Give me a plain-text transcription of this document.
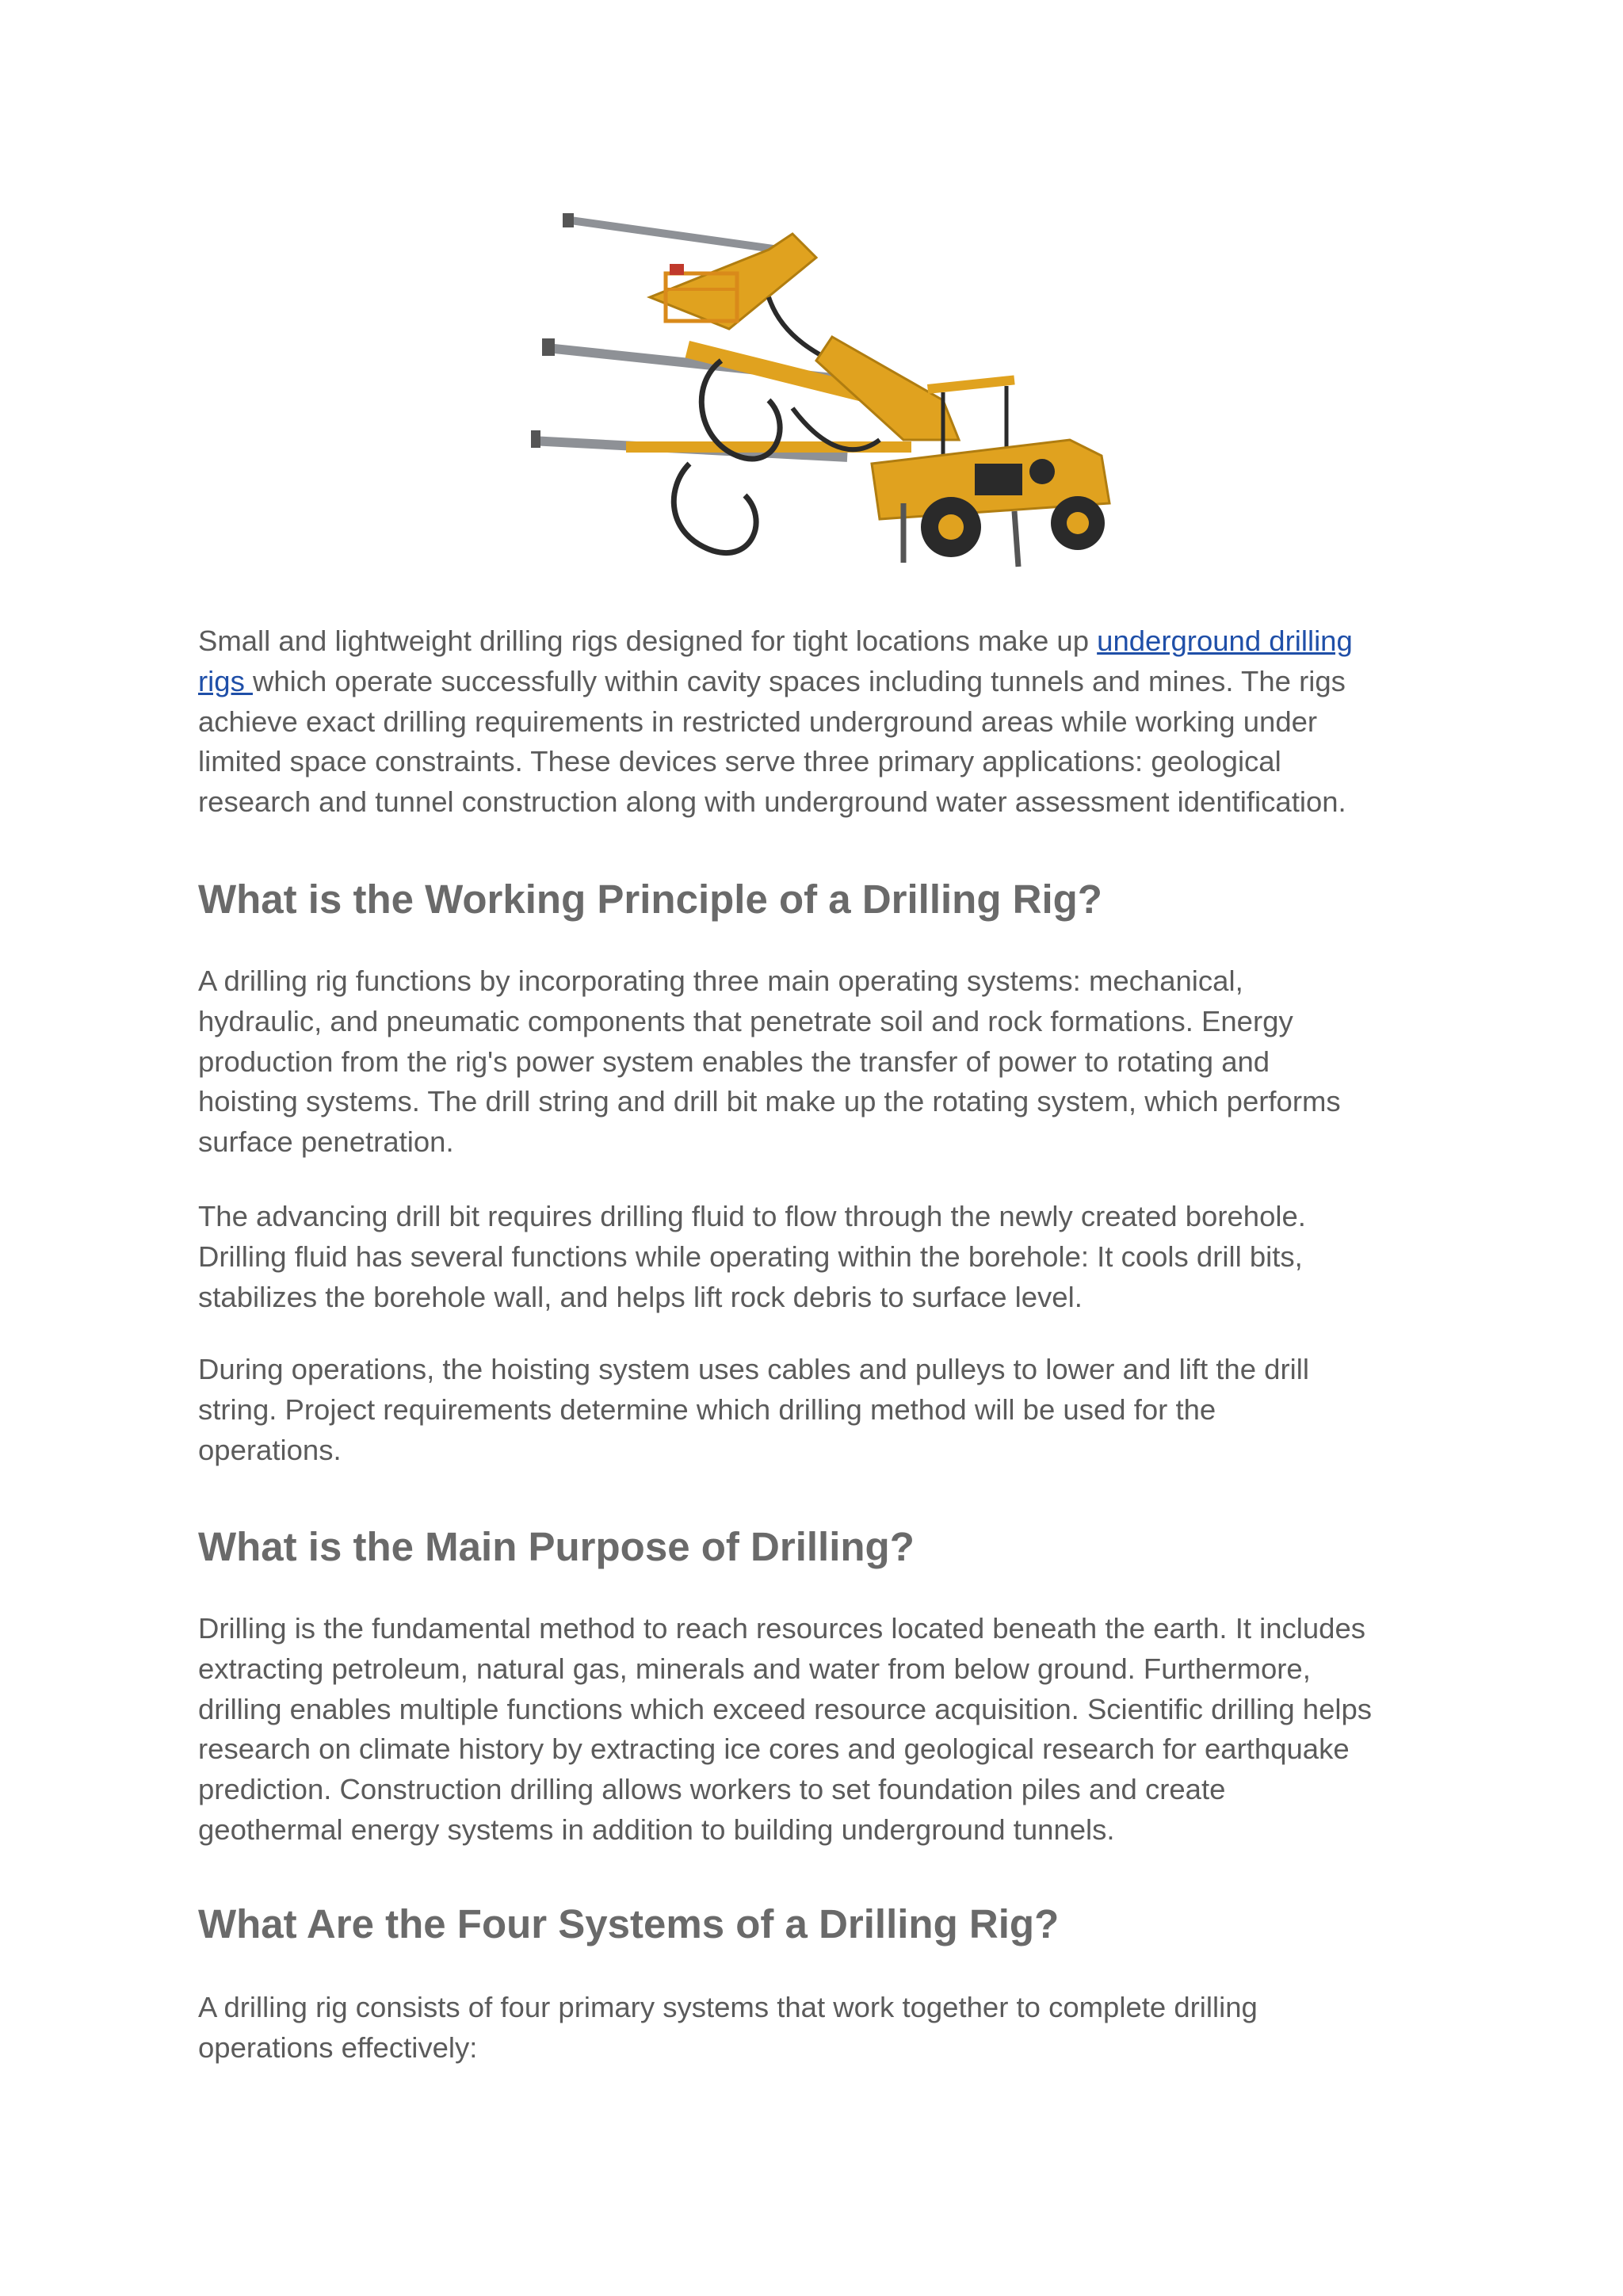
Small and lightweight drilling rigs designed for tight locations make up underground drilling

rigs which operate successfully within cavity spaces including tunnels and mines. The rigs

achieve exact drilling requirements in restricted underground areas while working under

limited space constraints. These devices serve three primary applications: geological

research and tunnel construction along with underground water assessment identification.

What is the Working Principle of a Drilling Rig?

A drilling rig functions by incorporating three main operating systems: mechanical,

hydraulic, and pneumatic components that penetrate soil and rock formations. Energy

production from the rig's power system enables the transfer of power to rotating and

hoisting systems. The drill string and drill bit make up the rotating system, which performs

surface penetration.

The advancing drill bit requires drilling fluid to flow through the newly created borehole.

Drilling fluid has several functions while operating within the borehole: It cools drill bits,

stabilizes the borehole wall, and helps lift rock debris to surface level.

During operations, the hoisting system uses cables and pulleys to lower and lift the drill

string. Project requirements determine which drilling method will be used for the

operations.

What is the Main Purpose of Drilling?

Drilling is the fundamental method to reach resources located beneath the earth. It includes

extracting petroleum, natural gas, minerals and water from below ground. Furthermore,

drilling enables multiple functions which exceed resource acquisition. Scientific drilling helps

research on climate history by extracting ice cores and geological research for earthquake

prediction. Construction drilling allows workers to set foundation piles and create

geothermal energy systems in addition to building underground tunnels.

What Are the Four Systems of a Drilling Rig?

A drilling rig consists of four primary systems that work together to complete drilling

operations effectively:
